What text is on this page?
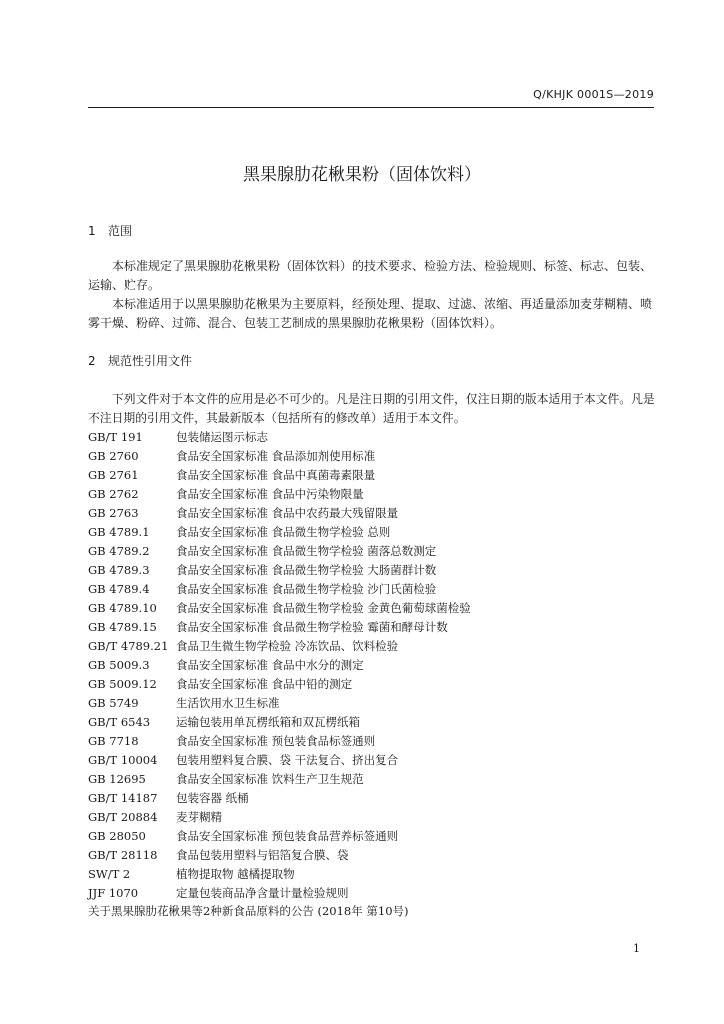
Q/KHJK 0001S—2019
黑果腺肋花楸果粉（固体饮料）
1 范围
本标准规定了黑果腺肋花楸果粉（固体饮料）的技术要求、检验方法、检验规则、标签、标志、包装、运输、贮存。
本标准适用于以黑果腺肋花楸果为主要原料，经预处理、提取、过滤、浓缩、再适量添加麦芽糊精、喷雾干燥、粉碎、过筛、混合、包装工艺制成的黑果腺肋花楸果粉（固体饮料）。
2 规范性引用文件
下列文件对于本文件的应用是必不可少的。凡是注日期的引用文件，仅注日期的版本适用于本文件。凡是不注日期的引用文件，其最新版本（包括所有的修改单）适用于本文件。
GB/T 191	包装储运图示标志
GB 2760	食品安全国家标准 食品添加剂使用标准
GB 2761	食品安全国家标准 食品中真菌毒素限量
GB 2762	食品安全国家标准 食品中污染物限量
GB 2763	食品安全国家标准 食品中农药最大残留限量
GB 4789.1 食品安全国家标准 食品微生物学检验 总则
GB 4789.2 食品安全国家标准 食品微生物学检验 菌落总数测定
GB 4789.3 食品安全国家标准 食品微生物学检验 大肠菌群计数
GB 4789.4 食品安全国家标准 食品微生物学检验 沙门氏菌检验
GB 4789.10 食品安全国家标准 食品微生物学检验 金黄色葡萄球菌检验
GB 4789.15 食品安全国家标准 食品微生物学检验 霉菌和酵母计数
GB/T 4789.21 食品卫生微生物学检验 冷冻饮品、饮料检验
GB 5009.3 食品安全国家标准 食品中水分的测定
GB 5009.12 食品安全国家标准 食品中铅的测定
GB 5749	生活饮用水卫生标准
GB/T 6543 运输包装用单瓦楞纸箱和双瓦楞纸箱
GB 7718	食品安全国家标准 预包装食品标签通则
GB/T 10004 包装用塑料复合膜、袋 干法复合、挤出复合
GB 12695	食品安全国家标准 饮料生产卫生规范
GB/T 14187 包装容器 纸桶
GB/T 20884 麦芽糊精
GB 28050	食品安全国家标准 预包装食品营养标签通则
GB/T 28118 食品包装用塑料与铝箔复合膜、袋
SW/T 2	植物提取物 越橘提取物
JJF 1070	定量包装商品净含量计量检验规则
关于黑果腺肋花楸果等2种新食品原料的公告 (2018年 第10号)
1
